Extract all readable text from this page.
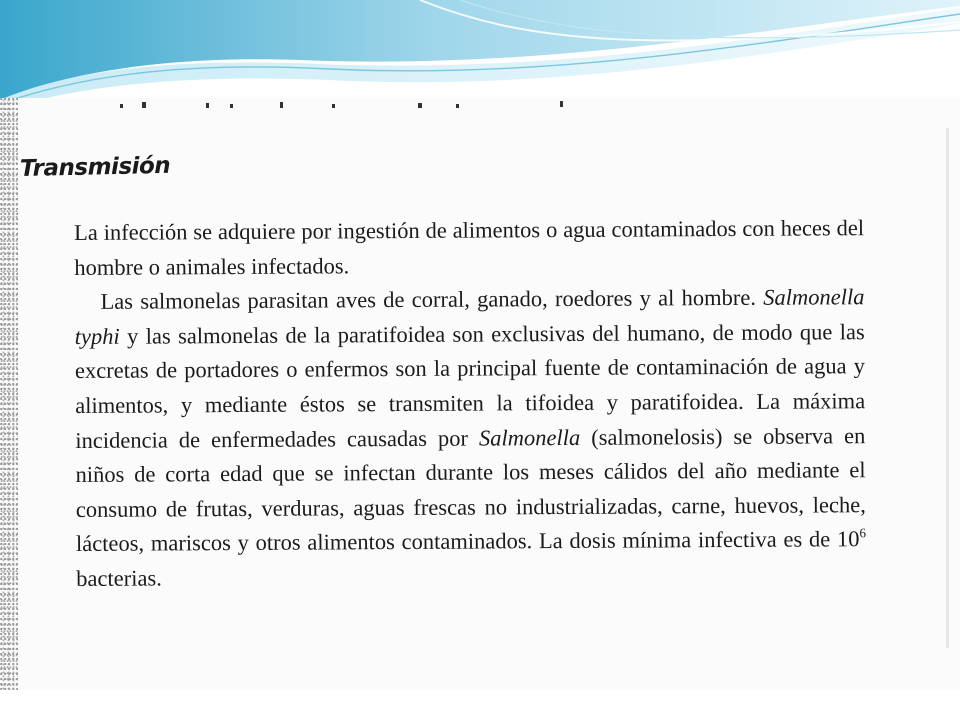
Transmisión

La infección se adquiere por ingestión de alimentos o agua contaminados con heces del hombre o animales infectados.

Las salmonelas parasitan aves de corral, ganado, roedores y al hombre. Salmonella typhi y las salmonelas de la paratifoidea son exclusivas del humano, de modo que las excretas de portadores o enfermos son la principal fuente de contaminación de agua y alimentos, y mediante éstos se transmiten la tifoidea y paratifoidea. La máxima incidencia de enfermedades causadas por Salmonella (salmonelosis) se observa en niños de corta edad que se infectan durante los meses cálidos del año mediante el consumo de frutas, verduras, aguas frescas no industrializadas, carne, huevos, leche, lácteos, mariscos y otros alimentos contaminados. La dosis mínima infectiva es de $10^6$ bacterias.
